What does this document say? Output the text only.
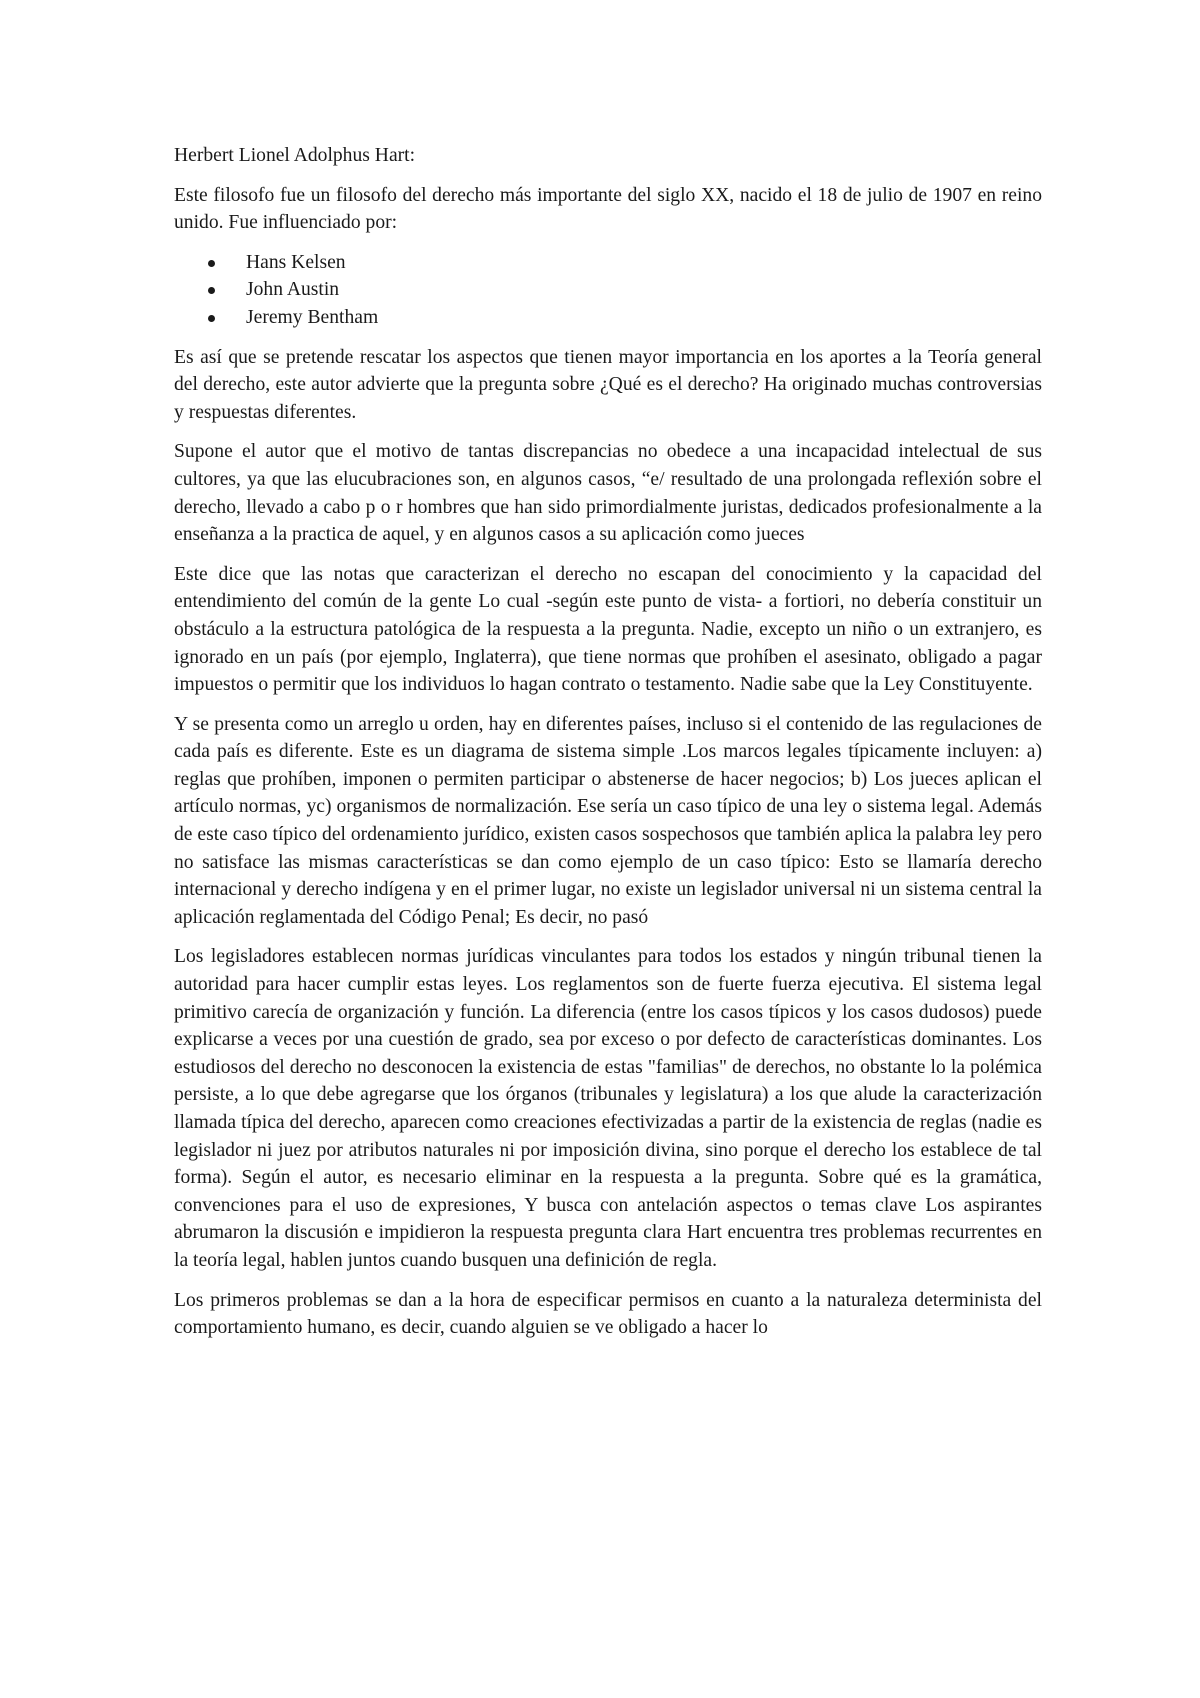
Herbert Lionel Adolphus Hart:

Este filosofo fue un filosofo del derecho más importante del siglo XX, nacido el 18 de julio de 1907 en reino unido. Fue influenciado por:

Hans Kelsen
John Austin
Jeremy Bentham

Es así que se pretende rescatar los aspectos que tienen mayor importancia en los aportes a la Teoría general del derecho, este autor advierte que la pregunta sobre ¿Qué es el derecho? Ha originado muchas controversias y respuestas diferentes.

Supone el autor que el motivo de tantas discrepancias no obedece a una incapacidad intelectual de sus cultores, ya que las elucubraciones son, en algunos casos, “e/ resultado de una prolongada reflexión sobre el derecho, llevado a cabo p o r hombres que han sido primordialmente juristas, dedicados profesionalmente a la enseñanza a la practica de aquel, y en algunos casos a su aplicación como jueces

Este dice que las notas que caracterizan el derecho no escapan del conocimiento y la capacidad del entendimiento del común de la gente Lo cual -según este punto de vista- a fortiori, no debería constituir un obstáculo a la estructura patológica de la respuesta a la pregunta. Nadie, excepto un niño o un extranjero, es ignorado en un país (por ejemplo, Inglaterra), que tiene normas que prohíben el asesinato, obligado a pagar impuestos o permitir que los individuos lo hagan contrato o testamento. Nadie sabe que la Ley Constituyente.

Y se presenta como un arreglo u orden, hay en diferentes países, incluso si el contenido de las regulaciones de cada país es diferente. Este es un diagrama de sistema simple .Los marcos legales típicamente incluyen: a) reglas que prohíben, imponen o permiten participar o abstenerse de hacer negocios; b) Los jueces aplican el artículo normas, yc) organismos de normalización. Ese sería un caso típico de una ley o sistema legal. Además de este caso típico del ordenamiento jurídico, existen casos sospechosos que también aplica la palabra ley pero no satisface las mismas características se dan como ejemplo de un caso típico: Esto se llamaría derecho internacional y derecho indígena y en el primer lugar, no existe un legislador universal ni un sistema central la aplicación reglamentada del Código Penal; Es decir, no pasó

Los legisladores establecen normas jurídicas vinculantes para todos los estados y ningún tribunal tienen la autoridad para hacer cumplir estas leyes. Los reglamentos son de fuerte fuerza ejecutiva. El sistema legal primitivo carecía de organización y función. La diferencia (entre los casos típicos y los casos dudosos) puede explicarse a veces por una cuestión de grado, sea por exceso o por defecto de características dominantes. Los estudiosos del derecho no desconocen la existencia de estas "familias" de derechos, no obstante lo la polémica persiste, a lo que debe agregarse que los órganos (tribunales y legislatura) a los que alude la caracterización llamada típica del derecho, aparecen como creaciones efectivizadas a partir de la existencia de reglas (nadie es legislador ni juez por atributos naturales ni por imposición divina, sino porque el derecho los establece de tal forma). Según el autor, es necesario eliminar en la respuesta a la pregunta. Sobre qué es la gramática, convenciones para el uso de expresiones, Y busca con antelación aspectos o temas clave Los aspirantes abrumaron la discusión e impidieron la respuesta pregunta clara Hart encuentra tres problemas recurrentes en la teoría legal, hablen juntos cuando busquen una definición de regla.

Los primeros problemas se dan a la hora de especificar permisos en cuanto a la naturaleza determinista del comportamiento humano, es decir, cuando alguien se ve obligado a hacer lo
